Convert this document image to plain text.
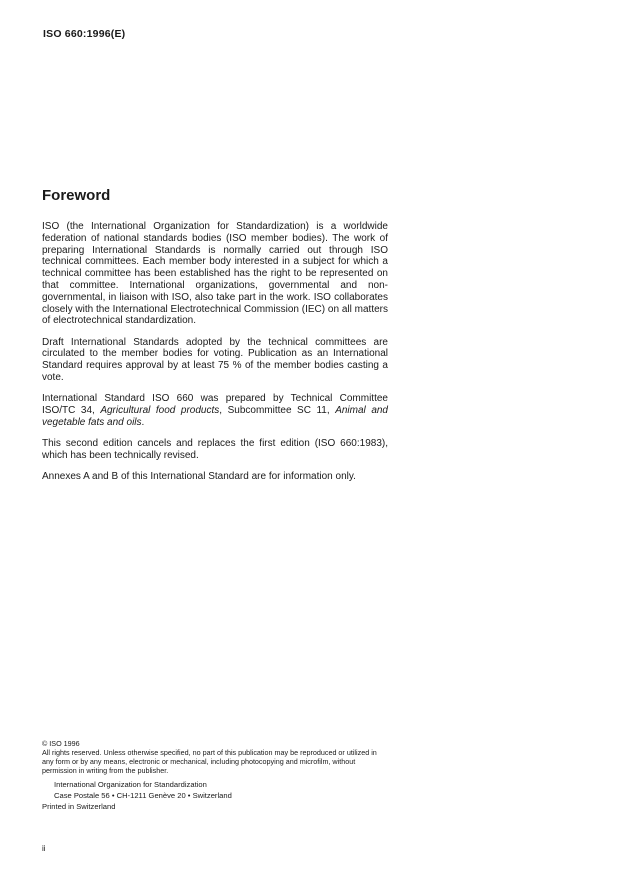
ISO 660:1996(E)
Foreword

ISO (the International Organization for Standardization) is a worldwide federation of national standards bodies (ISO member bodies). The work of preparing International Standards is normally carried out through ISO technical committees. Each member body interested in a subject for which a technical committee has been established has the right to be represented on that committee. International organizations, governmental and non-governmental, in liaison with ISO, also take part in the work. ISO collaborates closely with the International Electrotechnical Commission (IEC) on all matters of electrotechnical standardization.

Draft International Standards adopted by the technical committees are circulated to the member bodies for voting. Publication as an International Standard requires approval by at least 75 % of the member bodies casting a vote.

International Standard ISO 660 was prepared by Technical Committee ISO/TC 34, Agricultural food products, Subcommittee SC 11, Animal and vegetable fats and oils.

This second edition cancels and replaces the first edition (ISO 660:1983), which has been technically revised.

Annexes A and B of this International Standard are for information only.

© ISO 1996
All rights reserved. Unless otherwise specified, no part of this publication may be reproduced or utilized in any form or by any means, electronic or mechanical, including photocopying and microfilm, without permission in writing from the publisher.
International Organization for Standardization
Case Postale 56 • CH-1211 Genève 20 • Switzerland
Printed in Switzerland
ii
